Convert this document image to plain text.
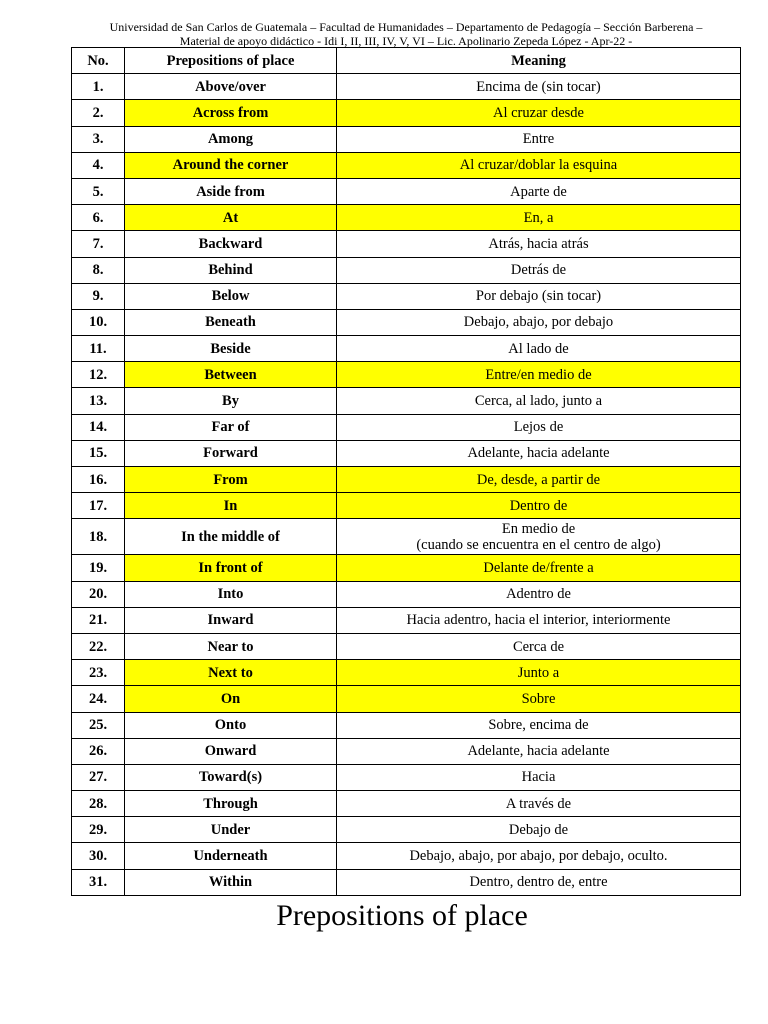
Universidad de San Carlos de Guatemala – Facultad de Humanidades – Departamento de Pedagogía – Sección Barberena –
Material de apoyo didáctico - Idi I, II, III, IV, V, VI – Lic. Apolinario Zepeda López - Apr-22 -
No.	Prepositions of place	Meaning
1.	Above/over	Encima de (sin tocar)
2.	Across from	Al cruzar desde
3.	Among	Entre
4.	Around the corner	Al cruzar/doblar la esquina
5.	Aside from	Aparte de
6.	At	En, a
7.	Backward	Atrás, hacia atrás
8.	Behind	Detrás de
9.	Below	Por debajo (sin tocar)
10.	Beneath	Debajo, abajo, por debajo
11.	Beside	Al lado de
12.	Between	Entre/en medio de
13.	By	Cerca, al lado, junto a
14.	Far of	Lejos de
15.	Forward	Adelante, hacia adelante
16.	From	De, desde, a partir de
17.	In	Dentro de
18.	In the middle of	En medio de
(cuando se encuentra en el centro de algo)

19.	In front of	Delante de/frente a
20.	Into	Adentro de
21.	Inward	Hacia adentro, hacia el interior, interiormente
22.	Near to	Cerca de
23.	Next to	Junto a
24.	On	Sobre
25.	Onto	Sobre, encima de
26.	Onward	Adelante, hacia adelante
27.	Toward(s)	Hacia
28.	Through	A través de
29.	Under	Debajo de
30.	Underneath	Debajo, abajo, por abajo, por debajo, oculto.
31.	Within	Dentro, dentro de, entre
Prepositions of place
